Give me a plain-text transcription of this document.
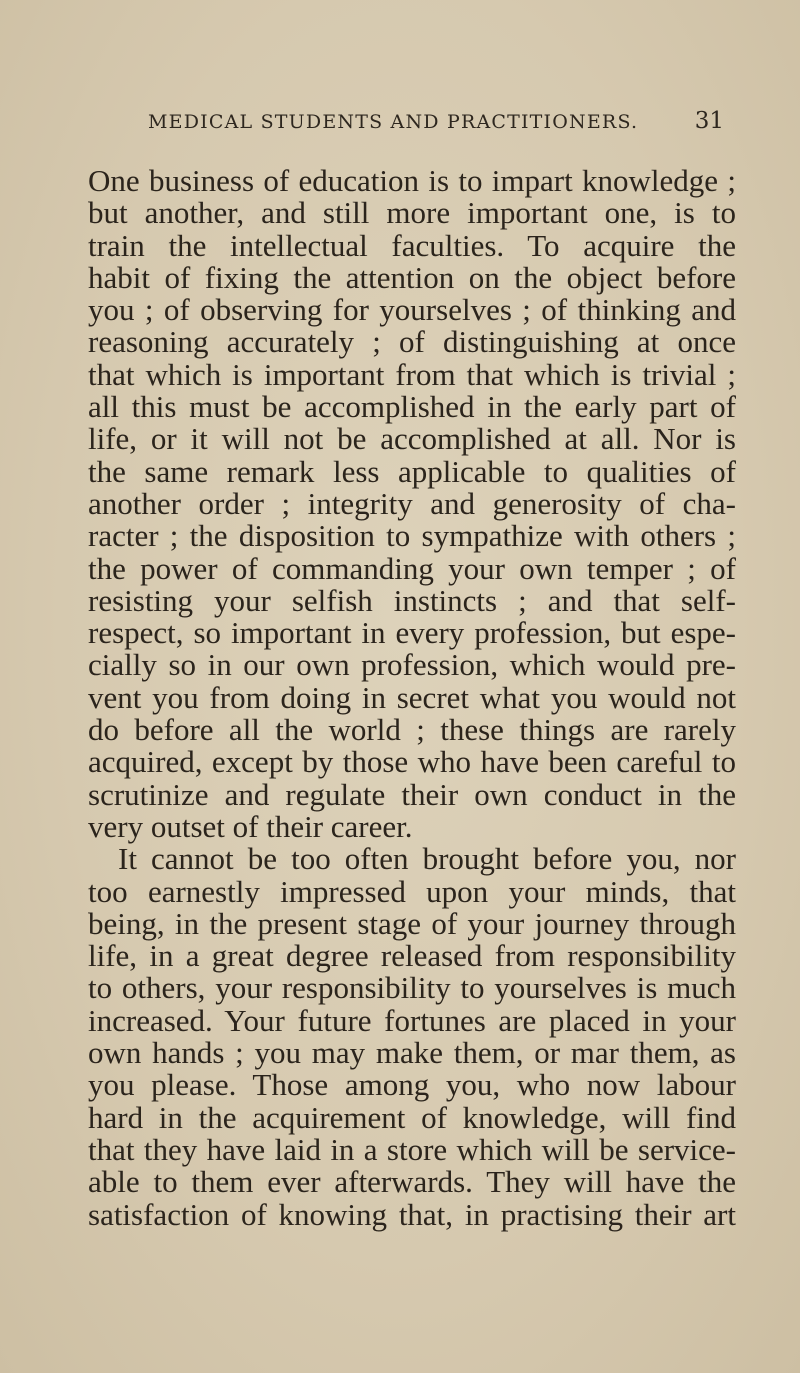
MEDICAL STUDENTS AND PRACTITIONERS. 31
One business of education is to impart knowledge ;
but another, and still more important one, is to
train the intellectual faculties. To acquire the
habit of fixing the attention on the object before
you ; of observing for yourselves ; of thinking and
reasoning accurately ; of distinguishing at once
that which is important from that which is trivial ;
all this must be accomplished in the early part of
life, or it will not be accomplished at all. Nor is
the same remark less applicable to qualities of
another order ; integrity and generosity of cha-
racter ; the disposition to sympathize with others ;
the power of commanding your own temper ; of
resisting your selfish instincts ; and that self-
respect, so important in every profession, but espe-
cially so in our own profession, which would pre-
vent you from doing in secret what you would not
do before all the world ; these things are rarely
acquired, except by those who have been careful to
scrutinize and regulate their own conduct in the
very outset of their career.
It cannot be too often brought before you, nor
too earnestly impressed upon your minds, that
being, in the present stage of your journey through
life, in a great degree released from responsibility
to others, your responsibility to yourselves is much
increased. Your future fortunes are placed in your
own hands ; you may make them, or mar them, as
you please. Those among you, who now labour
hard in the acquirement of knowledge, will find
that they have laid in a store which will be service-
able to them ever afterwards. They will have the
satisfaction of knowing that, in practising their art
